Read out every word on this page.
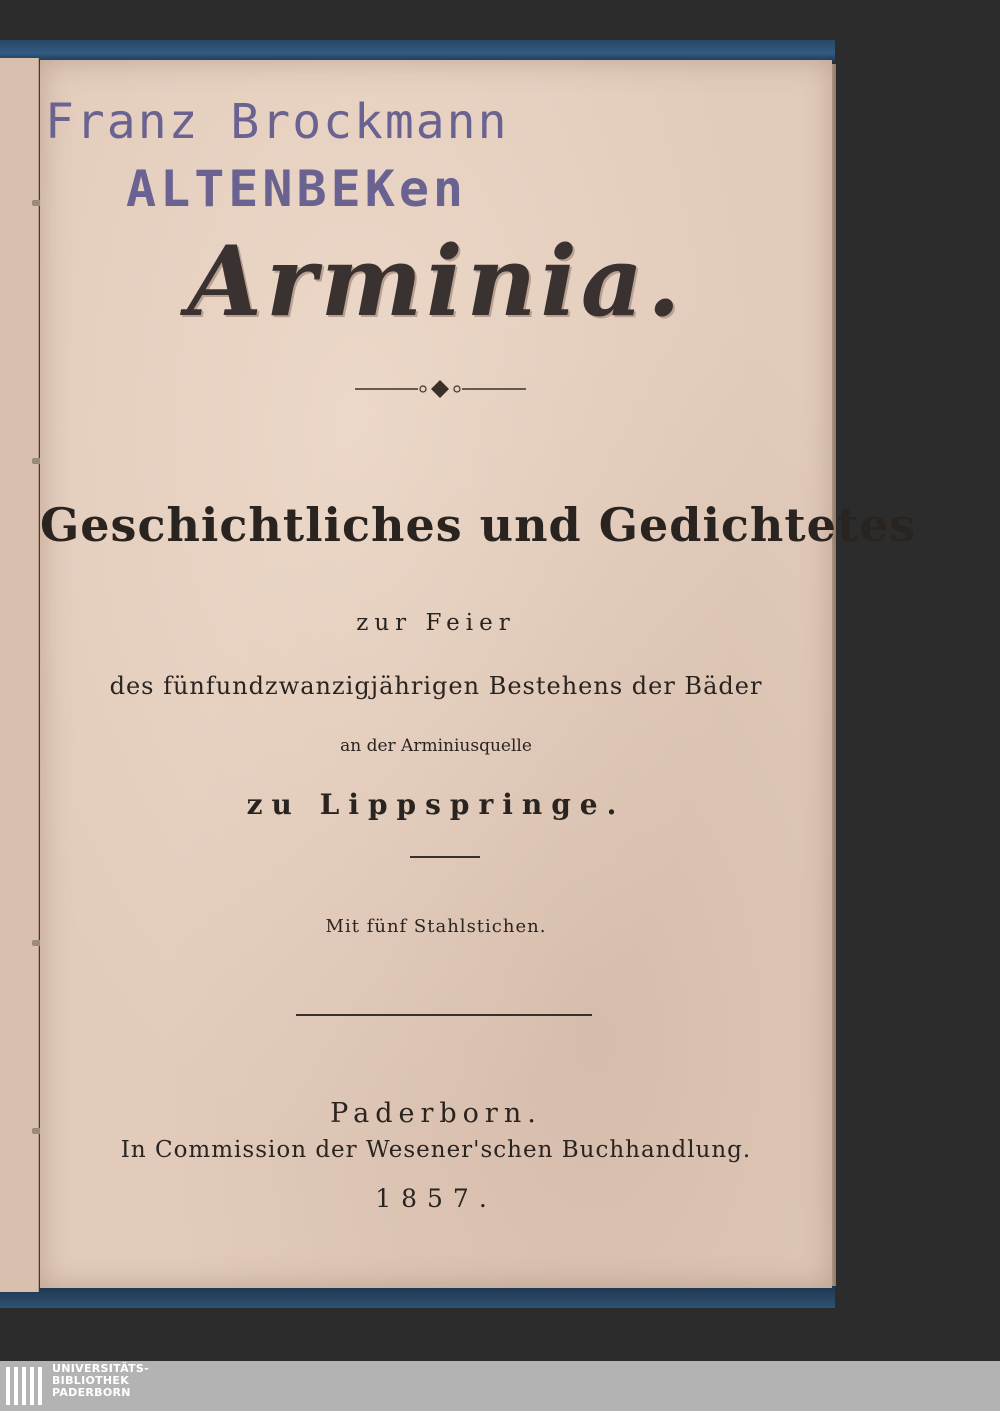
Franz Brockmann
ALTENBEKen
Arminia.
Geschichtliches und Gedichtetes
zur Feier
des fünfundzwanzigjährigen Bestehens der Bäder
an der Arminiusquelle
zu Lippspringe.
Mit fünf Stahlstichen.
Paderborn.
In Commission der Wesener'schen Buchhandlung.
1857.
UNIVERSITÄTS-
BIBLIOTHEK
PADERBORN
